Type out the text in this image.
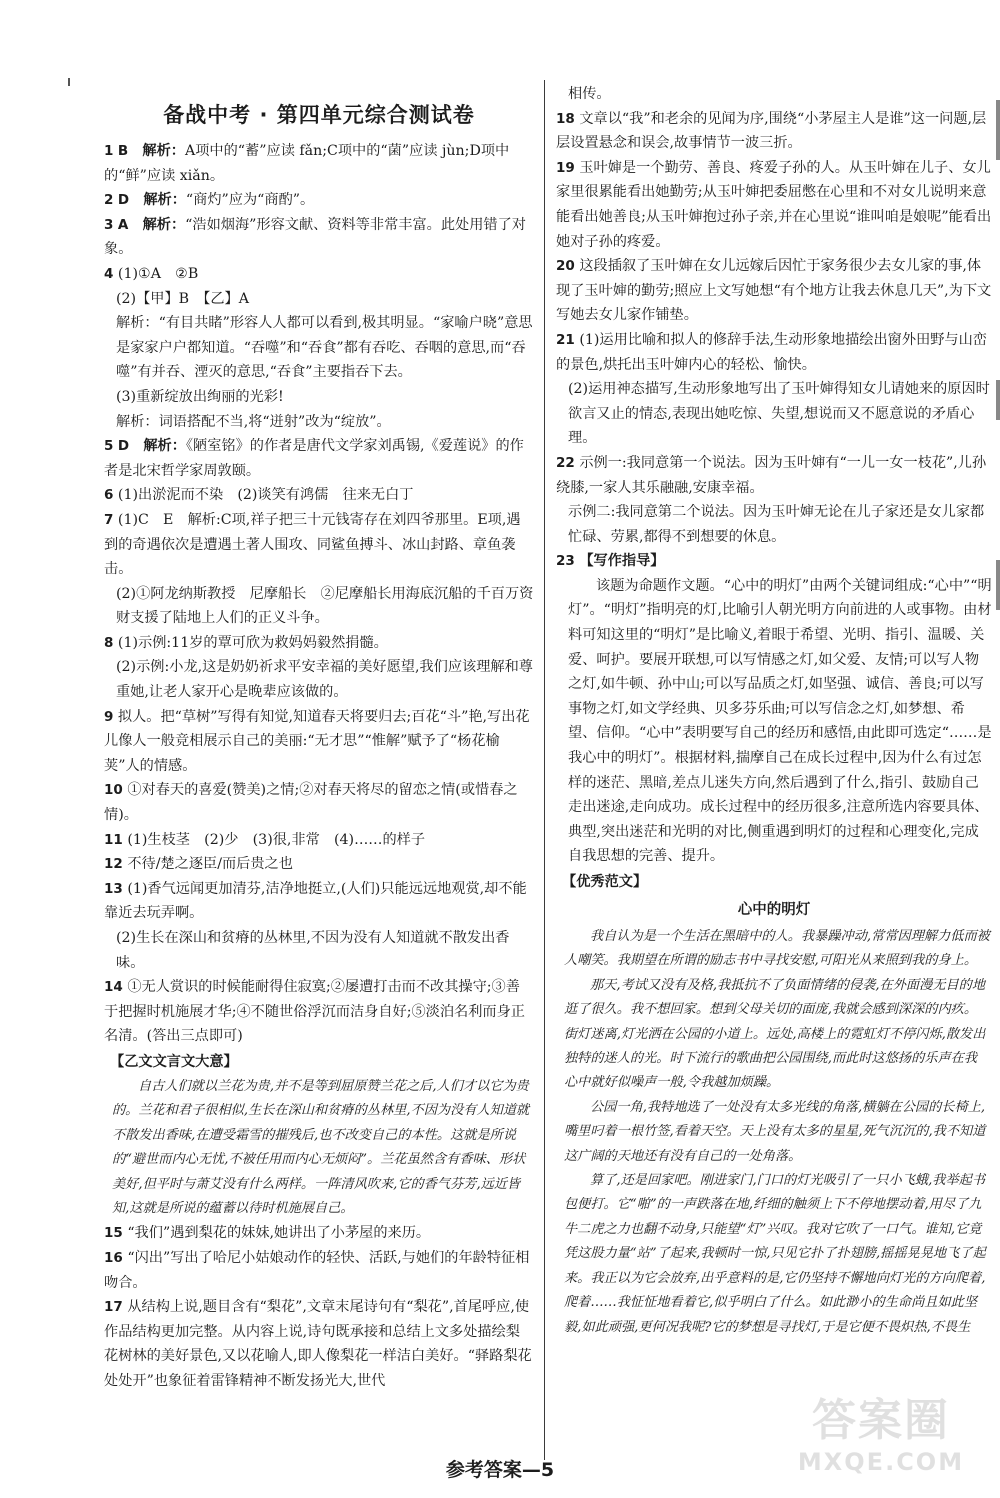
备战中考 · 第四单元综合测试卷

1 B　 解析：A项中的“蓄”应读 fǎn;C项中的“菌”应读 jùn;D项中的“鲜”应读 xiǎn。

2 D　 解析：“商灼”应为“商酌”。

3 A　 解析：“浩如烟海”形容文献、资料等非常丰富。此处用错了对象。

4 (1)①A　②B

(2)【甲】B　【乙】A

解析：“有目共睹”形容人人都可以看到,极其明显。“家喻户晓”意思是家家户户都知道。“吞噬”和“吞食”都有吞吃、吞咽的意思,而“吞噬”有并吞、湮灭的意思,“吞食”主要指吞下去。

(3)重新绽放出绚丽的光彩!

解析：词语搭配不当,将“迸射”改为“绽放”。

5 D　 解析：《陋室铭》的作者是唐代文学家刘禹锡,《爱莲说》的作者是北宋哲学家周敦颐。

6 (1)出淤泥而不染　(2)谈笑有鸿儒　往来无白丁

7 (1)C　E　解析:C项,祥子把三十元钱寄存在刘四爷那里。E项,遇到的奇遇依次是遭遇土著人围攻、同鲨鱼搏斗、冰山封路、章鱼袭击。

(2)①阿龙纳斯教授　尼摩船长　②尼摩船长用海底沉船的千百万资财支援了陆地上人们的正义斗争。

8 (1)示例:11岁的覃可欣为救妈妈毅然捐髓。

(2)示例:小龙,这是奶奶祈求平安幸福的美好愿望,我们应该理解和尊重她,让老人家开心是晚辈应该做的。

9 拟人。把“草树”写得有知觉,知道春天将要归去;百花“斗”艳,写出花儿像人一般竞相展示自己的美丽:“无才思”“惟解”赋予了“杨花榆荚”人的情感。

10 ①对春天的喜爱(赞美)之情;②对春天将尽的留恋之情(或惜春之情)。

11 (1)生枝茎　(2)少　(3)很,非常　(4)……的样子

12 不待/楚之逐臣/而后贵之也

13 (1)香气远闻更加清芬,洁净地挺立,(人们)只能远远地观赏,却不能靠近去玩弄啊。

(2)生长在深山和贫瘠的丛林里,不因为没有人知道就不散发出香味。

14 ①无人赏识的时候能耐得住寂寞;②屡遭打击而不改其操守;③善于把握时机施展才华;④不随世俗浮沉而洁身自好;⑤淡泊名利而身正名清。(答出三点即可)

【乙文文言文大意】

自古人们就以兰花为贵,并不是等到屈原赞兰花之后,人们才以它为贵的。兰花和君子很相似,生长在深山和贫瘠的丛林里,不因为没有人知道就不散发出香味,在遭受霜雪的摧残后,也不改变自己的本性。这就是所说的“避世而内心无忧,不被任用而内心无烦闷”。兰花虽然含有香味、形状美好,但平时与萧艾没有什么两样。一阵清风吹来,它的香气芬芳,远近皆知,这就是所说的蕴蓄以待时机施展自己。

15 “我们”遇到梨花的妹妹,她讲出了小茅屋的来历。

16 “闪出”写出了哈尼小姑娘动作的轻快、活跃,与她们的年龄特征相吻合。

17 从结构上说,题目含有“梨花”,文章末尾诗句有“梨花”,首尾呼应,使作品结构更加完整。从内容上说,诗句既承接和总结上文多处描绘梨花树林的美好景色,又以花喻人,即人像梨花一样洁白美好。“驿路梨花处处开”也象征着雷锋精神不断发扬光大,世代

相传。

18 文章以“我”和老余的见闻为序,围绕“小茅屋主人是谁”这一问题,层层设置悬念和误会,故事情节一波三折。

19 玉叶婶是一个勤劳、善良、疼爱子孙的人。从玉叶婶在儿子、女儿家里很累能看出她勤劳;从玉叶婶把委屈憋在心里和不对女儿说明来意能看出她善良;从玉叶婶抱过孙子亲,并在心里说“谁叫咱是娘呢”能看出她对子孙的疼爱。

20 这段插叙了玉叶婶在女儿远嫁后因忙于家务很少去女儿家的事,体现了玉叶婶的勤劳;照应上文写她想“有个地方让我去休息几天”,为下文写她去女儿家作铺垫。

21 (1)运用比喻和拟人的修辞手法,生动形象地描绘出窗外田野与山峦的景色,烘托出玉叶婶内心的轻松、愉快。

(2)运用神态描写,生动形象地写出了玉叶婶得知女儿请她来的原因时欲言又止的情态,表现出她吃惊、失望,想说而又不愿意说的矛盾心理。

22 示例一:我同意第一个说法。因为玉叶婶有“一儿一女一枝花”,儿孙绕膝,一家人其乐融融,安康幸福。

示例二:我同意第二个说法。因为玉叶婶无论在儿子家还是女儿家都忙碌、劳累,都得不到想要的休息。

23 【写作指导】

该题为命题作文题。“心中的明灯”由两个关键词组成:“心中”“明灯”。“明灯”指明亮的灯,比喻引人朝光明方向前进的人或事物。由材料可知这里的“明灯”是比喻义,着眼于希望、光明、指引、温暖、关爱、呵护。要展开联想,可以写情感之灯,如父爱、友情;可以写人物之灯,如牛顿、孙中山;可以写品质之灯,如坚强、诚信、善良;可以写事物之灯,如文学经典、贝多芬乐曲;可以写信念之灯,如梦想、希望、信仰。“心中”表明要写自己的经历和感悟,由此即可选定“……是我心中的明灯”。根据材料,揣摩自己在成长过程中,因为什么有过怎样的迷茫、黑暗,差点儿迷失方向,然后遇到了什么,指引、鼓励自己走出迷途,走向成功。成长过程中的经历很多,注意所选内容要具体、典型,突出迷茫和光明的对比,侧重遇到明灯的过程和心理变化,完成自我思想的完善、提升。

【优秀范文】
心中的明灯

我自认为是一个生活在黑暗中的人。我暴躁冲动,常常因理解力低而被人嘲笑。我期望在所谓的励志书中寻找安慰,可阳光从来照到我的身上。

那天,考试又没有及格,我抵抗不了负面情绪的侵袭,在外面漫无目的地逛了很久。我不想回家。想到父母关切的面庞,我就会感到深深的内疚。街灯迷离,灯光洒在公园的小道上。远处,高楼上的霓虹灯不停闪烁,散发出独特的迷人的光。时下流行的歌曲把公园围绕,而此时这悠扬的乐声在我心中就好似噪声一般,令我越加烦躁。

公园一角,我特地选了一处没有太多光线的角落,横躺在公园的长椅上,嘴里叼着一根竹签,看着天空。天上没有太多的星星,死气沉沉的,我不知道这广阔的天地还有没有自己的一处角落。

算了,还是回家吧。刚进家门,门口的灯光吸引了一只小飞蛾,我举起书包便打。它“啪”的一声跌落在地,纤细的触须上下不停地摆动着,用尽了九牛二虎之力也翻不动身,只能望“灯”兴叹。我对它吹了一口气。谁知,它竟凭这股力量“站”了起来,我顿时一惊,只见它扑了扑翅膀,摇摇晃晃地飞了起来。我正以为它会放弃,出乎意料的是,它仍坚持不懈地向灯光的方向爬着,爬着……我怔怔地看着它,似乎明白了什么。如此渺小的生命尚且如此坚毅,如此顽强,更何况我呢?它的梦想是寻找灯,于是它便不畏炽热,不畏生

参考答案—5
答案圈
MXQE.COM
